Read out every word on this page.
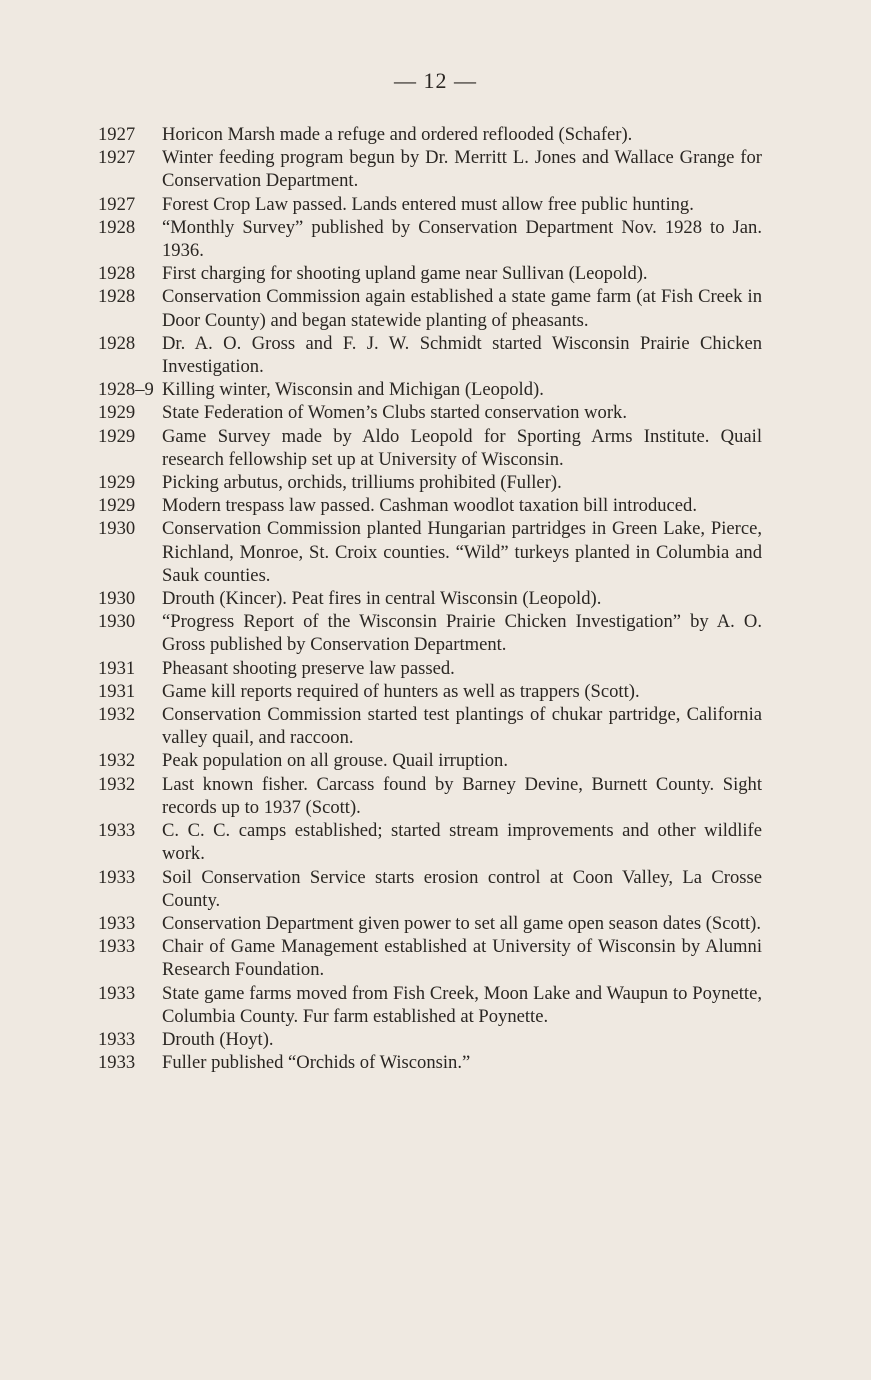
— 12 —
1927	Horicon Marsh made a refuge and ordered reflooded (Schafer).
1927	Winter feeding program begun by Dr. Merritt L. Jones and Wallace Grange for Conservation Department.
1927	Forest Crop Law passed. Lands entered must allow free public hunting.
1928	“Monthly Survey” published by Conservation Department Nov. 1928 to Jan. 1936.
1928	First charging for shooting upland game near Sullivan (Leopold).
1928	Conservation Commission again established a state game farm (at Fish Creek in Door County) and began statewide planting of pheasants.
1928	Dr. A. O. Gross and F. J. W. Schmidt started Wisconsin Prairie Chicken Investigation.
1928–9 Killing winter, Wisconsin and Michigan (Leopold).
1929	State Federation of Women’s Clubs started conservation work.
1929	Game Survey made by Aldo Leopold for Sporting Arms Institute. Quail research fellowship set up at University of Wisconsin.
1929	Picking arbutus, orchids, trilliums prohibited (Fuller).
1929	Modern trespass law passed. Cashman woodlot taxation bill introduced.
1930	Conservation Commission planted Hungarian partridges in Green Lake, Pierce, Richland, Monroe, St. Croix counties. “Wild” turkeys planted in Columbia and Sauk counties.
1930	Drouth (Kincer). Peat fires in central Wisconsin (Leopold).
1930	“Progress Report of the Wisconsin Prairie Chicken Investigation” by A. O. Gross published by Conservation Department.
1931	Pheasant shooting preserve law passed.
1931	Game kill reports required of hunters as well as trappers (Scott).
1932	Conservation Commission started test plantings of chukar partridge, California valley quail, and raccoon.
1932	Peak population on all grouse. Quail irruption.
1932	Last known fisher. Carcass found by Barney Devine, Burnett County. Sight records up to 1937 (Scott).
1933	C. C. C. camps established; started stream improvements and other wildlife work.
1933	Soil Conservation Service starts erosion control at Coon Valley, La Crosse County.
1933	Conservation Department given power to set all game open season dates (Scott).
1933	Chair of Game Management established at University of Wisconsin by Alumni Research Foundation.
1933	State game farms moved from Fish Creek, Moon Lake and Waupun to Poynette, Columbia County. Fur farm established at Poynette.
1933	Drouth (Hoyt).
1933	Fuller published “Orchids of Wisconsin.”
